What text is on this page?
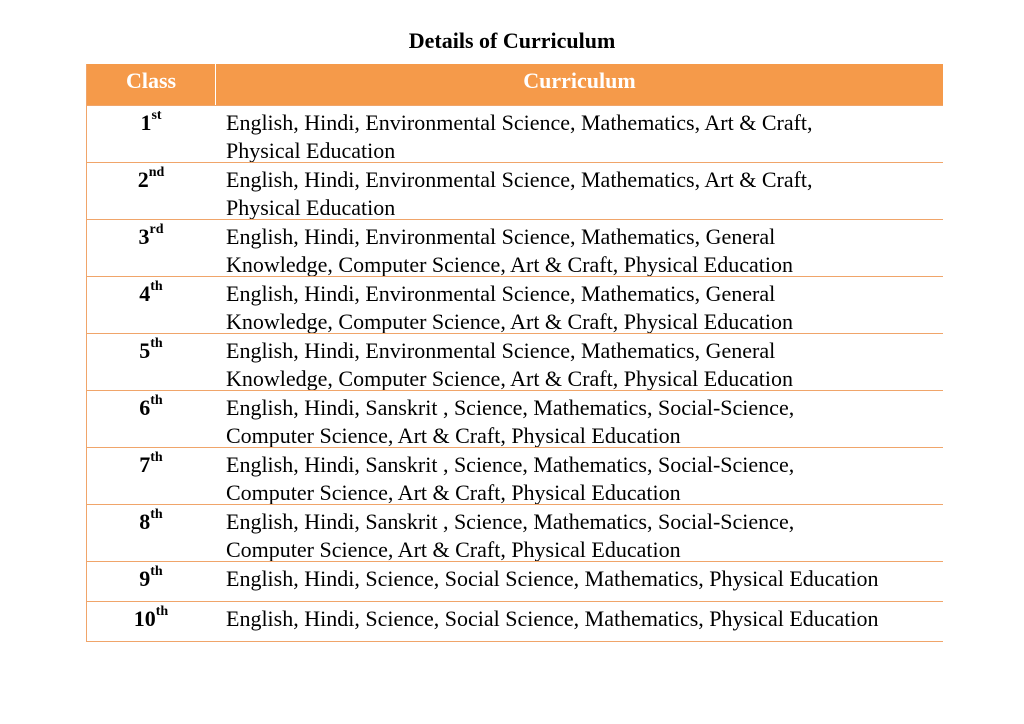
Details of Curriculum
Class	Curriculum
1st	English, Hindi, Environmental Science, Mathematics, Art & Craft,
Physical Education
2nd	English, Hindi, Environmental Science, Mathematics, Art & Craft,
Physical Education
3rd	English, Hindi, Environmental Science, Mathematics, General
Knowledge, Computer Science, Art & Craft, Physical Education
4th	English, Hindi, Environmental Science, Mathematics, General
Knowledge, Computer Science, Art & Craft, Physical Education
5th	English, Hindi, Environmental Science, Mathematics, General
Knowledge, Computer Science, Art & Craft, Physical Education
6th	English, Hindi, Sanskrit , Science, Mathematics, Social-Science,
Computer Science, Art & Craft, Physical Education
7th	English, Hindi, Sanskrit , Science, Mathematics, Social-Science,
Computer Science, Art & Craft, Physical Education
8th	English, Hindi, Sanskrit , Science, Mathematics, Social-Science,
Computer Science, Art & Craft, Physical Education
9th	English, Hindi, Science, Social Science, Mathematics, Physical Education
10th	English, Hindi, Science, Social Science, Mathematics, Physical Education
